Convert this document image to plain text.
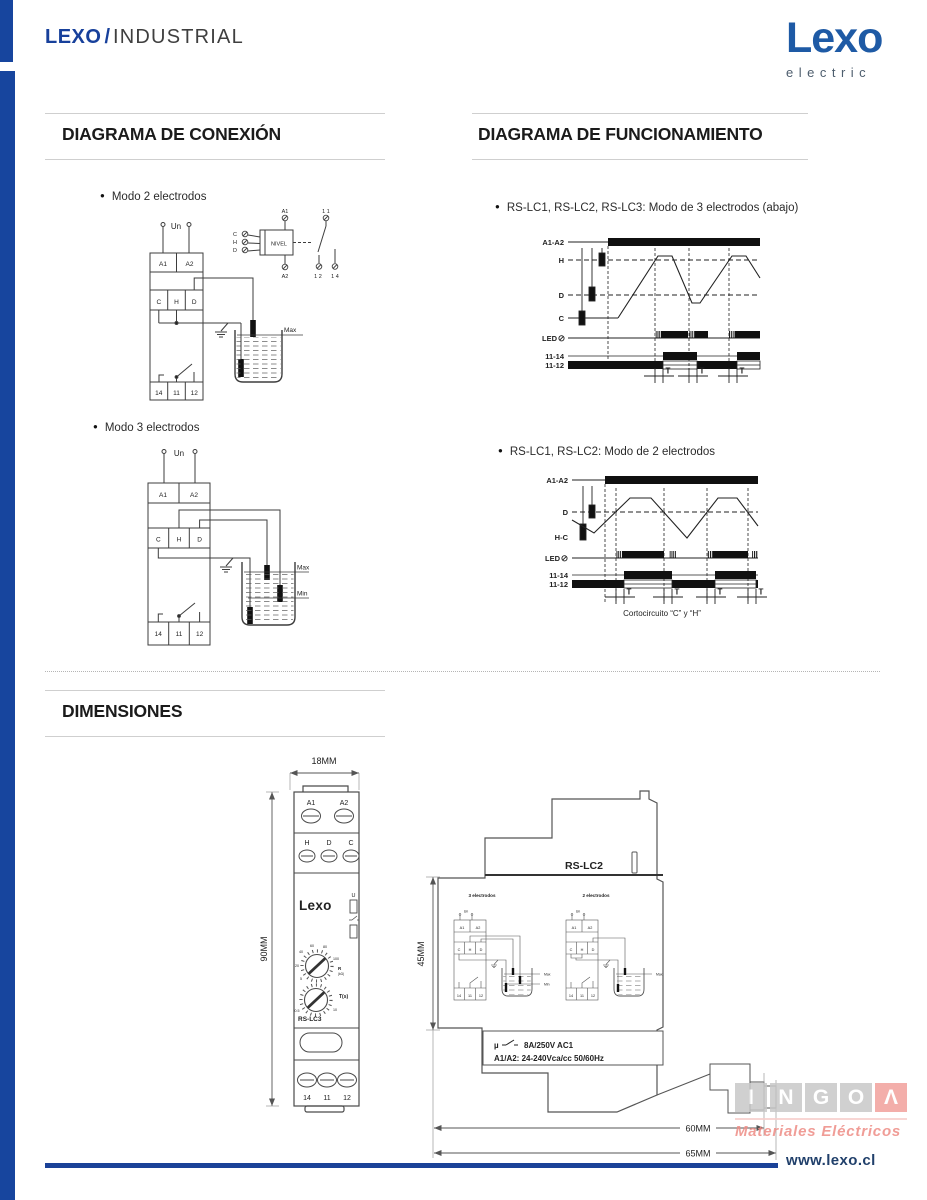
LEXO / INDUSTRIAL	Lexo
electric
DIAGRAMA DE CONEXIÓN	DIAGRAMA DE FUNCIONAMIENTO
● Modo 2 electrodos
● Modo 3 electrodos
● RS-LC1, RS-LC2, RS-LC3: Modo de 3 electrodos (abajo)
● RS-LC1, RS-LC2: Modo de 2 electrodos
Un
A1	A2
C H D
14 11 12
Max
A1
A2
C
H
D
NIVEL
1 1
1 2 1 4
Un
A1	A2
C H D
14 11 12
Max
Min
A1-A2
H
D
C
LED
11-14
11-12
T	T	T
A1-A2
D
H-C
LED
11-14
11-12
T	T	T	T
Cortocircuito “C” y “H”
DIMENSIONES
18MM
90MM
A1	A2
H D C
14 11 12
Lexo
U
5
20
40
60	80
100
R
(kΩ)
0.5	10
T(s)
RS-LC3
45MM
RS-LC2
3 electrodos
Un
A1	A2
C H D
14 11 12
Max
Min
2 electrodos
Un
A1	A2
C H D
14 11 12
Max
µ	8A/250V AC1
A1/A2: 24-240Vca/cc 50/60Hz
60MM
65MM
I	N G O Λ
Materiales Eléctricos
www.lexo.cl
